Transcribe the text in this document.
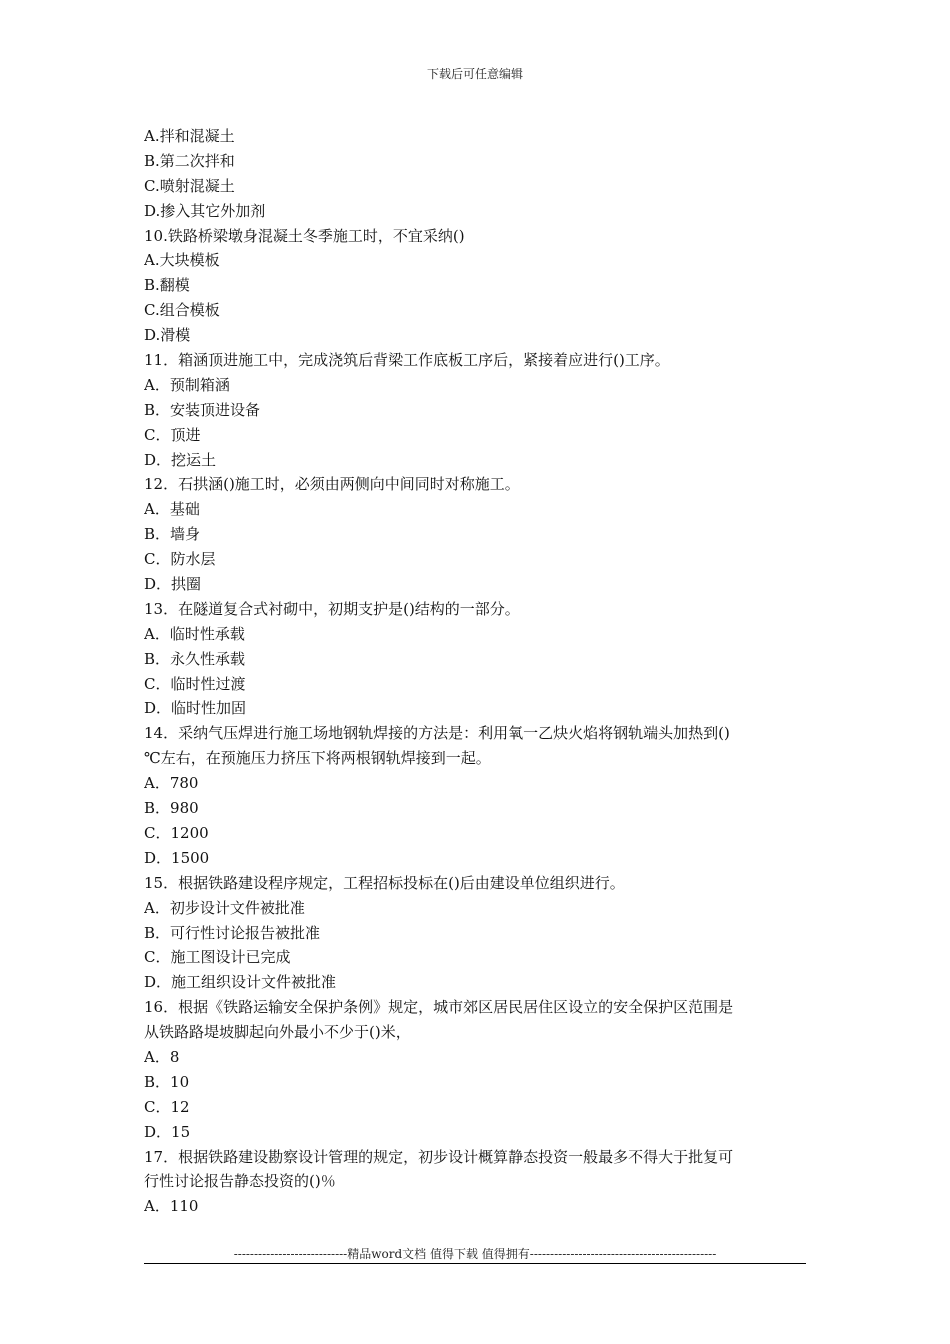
下载后可任意编辑
A.拌和混凝土
B.第二次拌和
C.喷射混凝土
D.掺入其它外加剂
10.铁路桥梁墩身混凝土冬季施工时，不宜采纳()
A.大块模板
B.翻模
C.组合模板
D.滑模
11．箱涵顶进施工中，完成浇筑后背梁工作底板工序后，紧接着应进行()工序。
A．预制箱涵
B．安装顶进设备
C．顶进
D．挖运土
12．石拱涵()施工时，必须由两侧向中间同时对称施工。
A．基础
B．墙身
C．防水层
D．拱圈
13．在隧道复合式衬砌中，初期支护是()结构的一部分。
A．临时性承载
B．永久性承载
C．临时性过渡
D．临时性加固
14．采纳气压焊进行施工场地钢轨焊接的方法是：利用氧一乙炔火焰将钢轨端头加热到()
℃左右，在预施压力挤压下将两根钢轨焊接到一起。
A．780
B．980
C．1200
D．1500
15．根据铁路建设程序规定，工程招标投标在()后由建设单位组织进行。
A．初步设计文件被批准
B．可行性讨论报告被批准
C．施工图设计已完成
D．施工组织设计文件被批准
16．根据《铁路运输安全保护条例》规定，城市郊区居民居住区设立的安全保护区范围是
从铁路路堤坡脚起向外最小不少于()米，
A．8
B．10
C．12
D．15
17．根据铁路建设勘察设计管理的规定，初步设计概算静态投资一般最多不得大于批复可
行性讨论报告静态投资的()％
A．110
----------------------------精品word文档 值得下载 值得拥有----------------------------------------------
